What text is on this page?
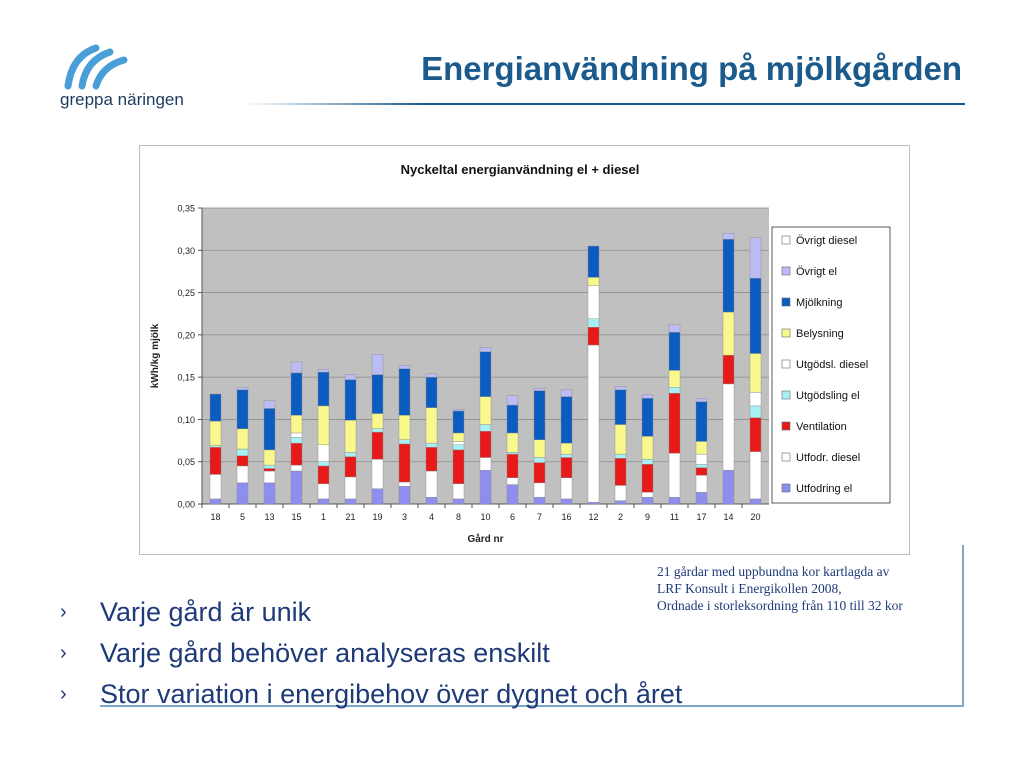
greppa näringen
Energianvändning på mjölkgården
Nyckeltal energianvändning el + diesel
0,00
0,05
0,10
0,15
0,20
0,25
0,30
0,35
kWh/kg mjölk
18 5 13 15 1 21 19 3 4 8 10 6 7 16 12 2 9 11 17 14 20
Gård nr
Övrigt diesel
Övrigt el
Mjölkning
Belysning
Utgödsl. diesel
Utgödsling el
Ventilation
Utfodr. diesel
Utfodring el
21 gårdar med uppbundna kor kartlagda av
LRF Konsult i Energikollen 2008,
Ordnade i storleksordning från 110 till 32 kor
› Varje gård är unik
› Varje gård behöver analyseras enskilt
› Stor variation i energibehov över dygnet och året
